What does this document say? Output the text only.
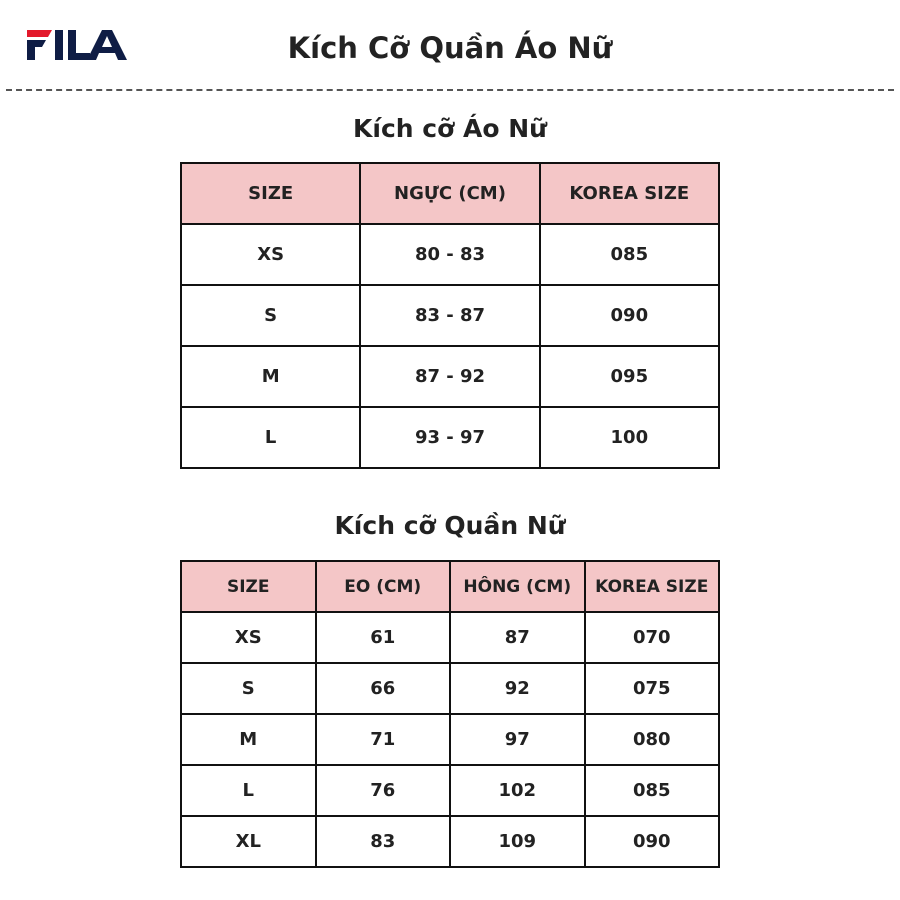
Kích Cỡ Quần Áo Nữ
Kích cỡ Áo Nữ
SIZE	NGỰC (CM)	KOREA SIZE
XS	80 - 83	085
S	83 - 87	090
M	87 - 92	095
L	93 - 97	100
Kích cỡ Quần Nữ
SIZE	EO (CM)	HÔNG (CM)	KOREA SIZE
XS	61	87	070
S	66	92	075
M	71	97	080
L	76	102	085
XL	83	109	090
